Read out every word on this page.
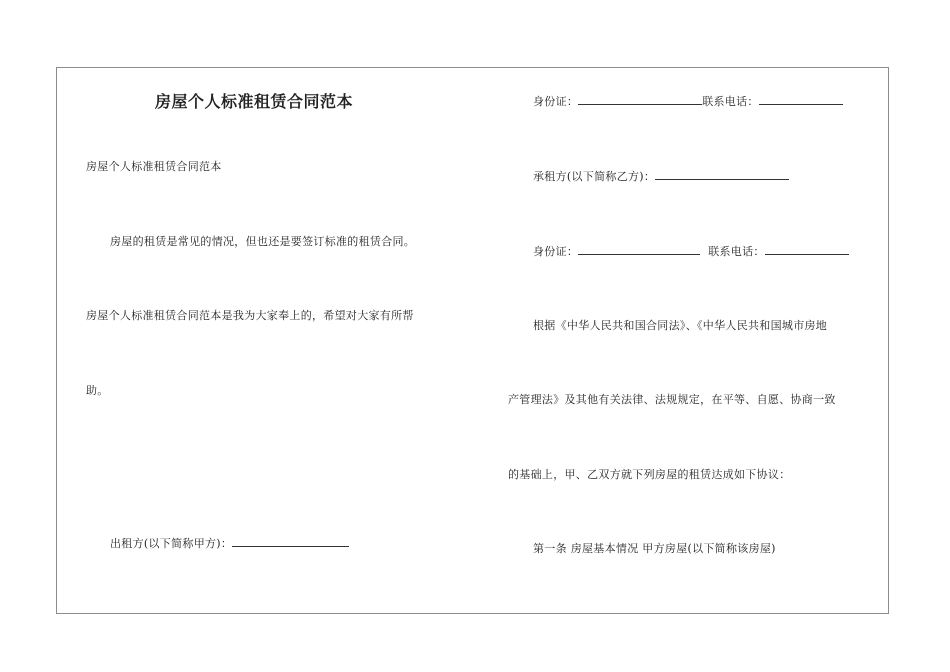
房屋个人标准租赁合同范本
房屋个人标准租赁合同范本
房屋的租赁是常见的情况，但也还是要签订标准的租赁合同。
房屋个人标准租赁合同范本是我为大家奉上的，希望对大家有所帮
助。
出租方(以下简称甲方)：
身份证：	联系电话：
承租方(以下简称乙方)：
身份证：	联系电话：
根据《中华人民共和国合同法》、《中华人民共和国城市房地
产管理法》及其他有关法律、法规规定，在平等、自愿、协商一致
的基础上，甲、乙双方就下列房屋的租赁达成如下协议：
第一条 房屋基本情况 甲方房屋(以下简称该房屋)
